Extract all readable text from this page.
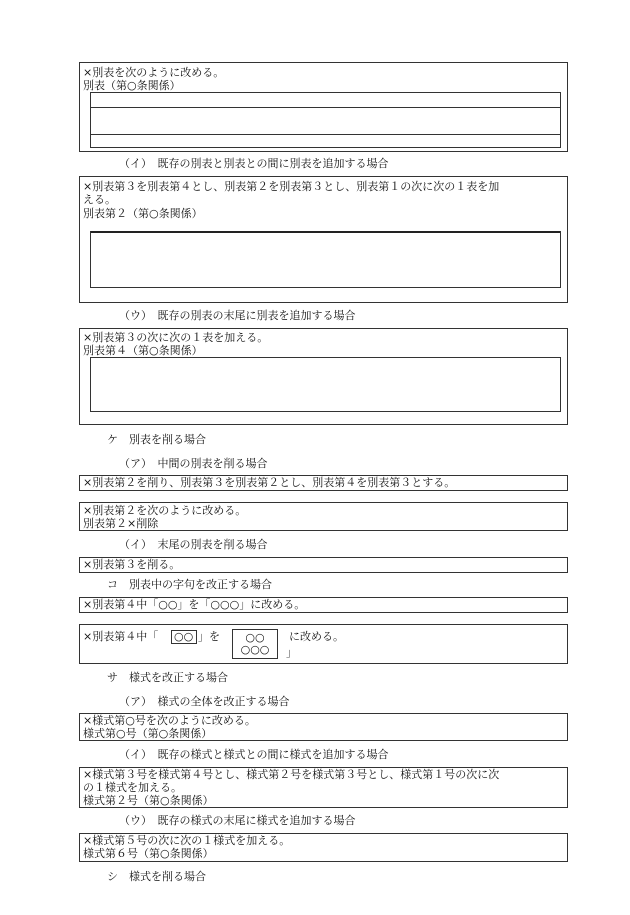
×別表を次のように改める。
別表（第○条関係）
（イ）　既存の別表と別表との間に別表を追加する場合
×別表第３を別表第４とし、別表第２を別表第３とし、別表第１の次に次の１表を加
える。
別表第２（第○条関係）
（ウ）　既存の別表の末尾に別表を追加する場合
×別表第３の次に次の１表を加える。
別表第４（第○条関係）
ケ　別表を削る場合
（ア）　中間の別表を削る場合
×別表第２を削り、別表第３を別表第２とし、別表第４を別表第３とする。
×別表第２を次のように改める。
別表第２×削除
（イ）　末尾の別表を削る場合
×別表第３を削る。
コ　別表中の字句を改正する場合
×別表第４中「○○」を「○○○」に改める。
×別表第４中「 ○○ 」を	○○
○○○
に改める。
」
サ　様式を改正する場合
（ア）　様式の全体を改正する場合
×様式第○号を次のように改める。
様式第○号（第○条関係）
（イ）　既存の様式と様式との間に様式を追加する場合
×様式第３号を様式第４号とし、様式第２号を様式第３号とし、様式第１号の次に次
の１様式を加える。
様式第２号（第○条関係）
（ウ）　既存の様式の末尾に様式を追加する場合
×様式第５号の次に次の１様式を加える。
様式第６号（第○条関係）
シ　様式を削る場合
